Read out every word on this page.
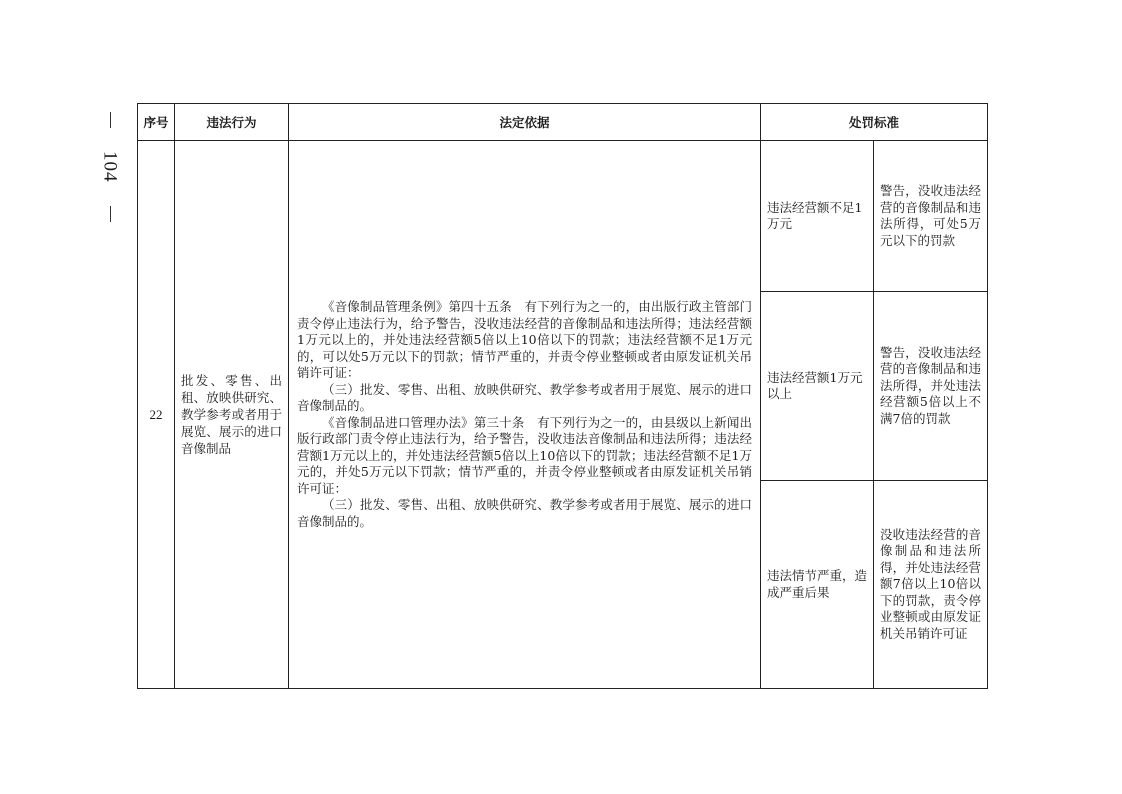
104
序号	违法行为	法定依据	处罚标准	
22	批发、零售、出租、放映供研究、教学参考或者用于展览、展示的进口音像制品	《音像制品管理条例》第四十五条　有下列行为之一的，由出版行政主管部门责令停止违法行为，给予警告，没收违法经营的音像制品和违法所得；违法经营额1万元以上的，并处违法经营额5倍以上10倍以下的罚款；违法经营额不足1万元的，可以处5万元以下的罚款；情节严重的，并责令停业整顿或者由原发证机关吊销许可证：

（三）批发、零售、出租、放映供研究、教学参考或者用于展览、展示的进口音像制品的。

《音像制品进口管理办法》第三十条　有下列行为之一的，由县级以上新闻出版行政部门责令停止违法行为，给予警告，没收违法音像制品和违法所得；违法经营额1万元以上的，并处违法经营额5倍以上10倍以下的罚款；违法经营额不足1万元的，并处5万元以下罚款；情节严重的，并责令停业整顿或者由原发证机关吊销许可证：

（三）批发、零售、出租、放映供研究、教学参考或者用于展览、展示的进口音像制品的。	违法经营额不足1万元	警告，没收违法经营的音像制品和违法所得，可处5万元以下的罚款
			违法经营额1万元以上	警告，没收违法经营的音像制品和违法所得，并处违法经营额5倍以上不满7倍的罚款
			违法情节严重，造成严重后果	没收违法经营的音像制品和违法所得，并处违法经营额7倍以上10倍以下的罚款，责令停业整顿或由原发证机关吊销许可证
